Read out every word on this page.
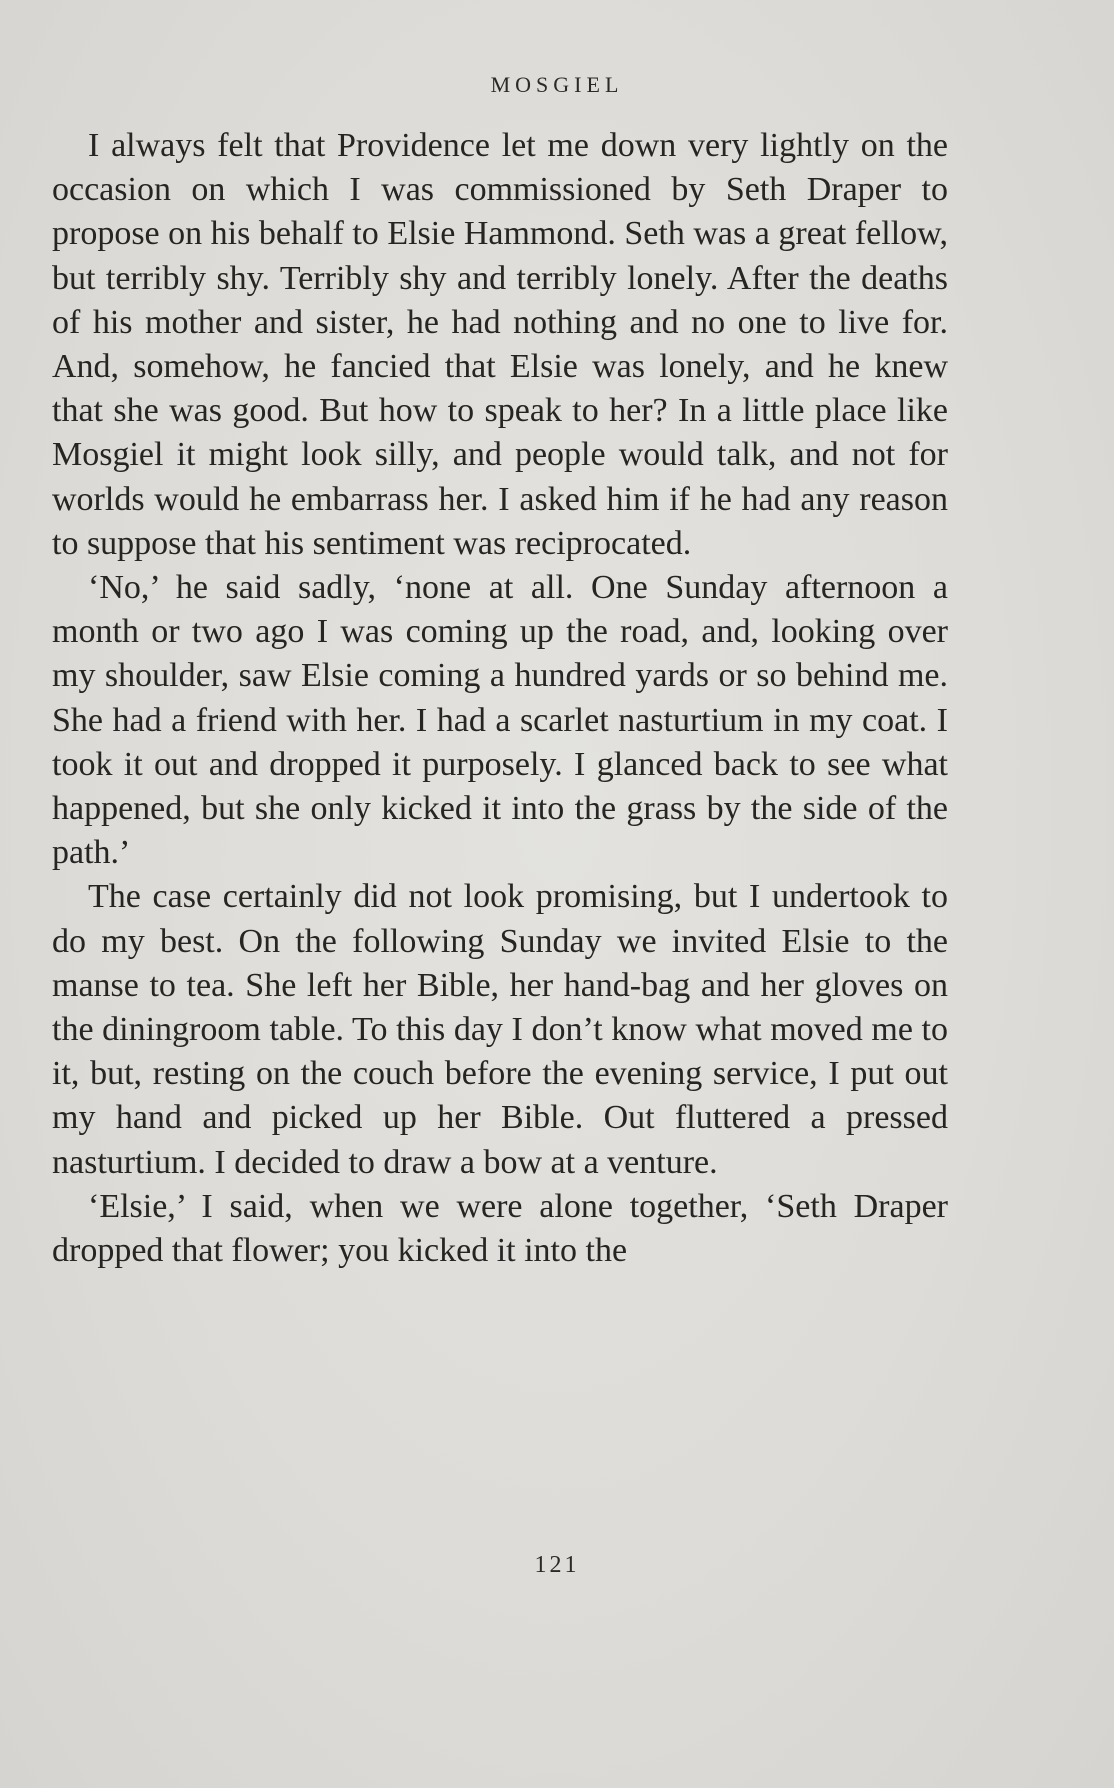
MOSGIEL

I always felt that Providence let me down very lightly on the occasion on which I was commissioned by Seth Draper to propose on his behalf to Elsie Hammond. Seth was a great fellow, but terribly shy. Terribly shy and terribly lonely. After the deaths of his mother and sister, he had nothing and no one to live for. And, somehow, he fancied that Elsie was lonely, and he knew that she was good. But how to speak to her? In a little place like Mosgiel it might look silly, and people would talk, and not for worlds would he embarrass her. I asked him if he had any reason to suppose that his sentiment was reciprocated.

‘No,’ he said sadly, ‘none at all. One Sunday afternoon a month or two ago I was coming up the road, and, looking over my shoulder, saw Elsie coming a hundred yards or so behind me. She had a friend with her. I had a scarlet nasturtium in my coat. I took it out and dropped it purposely. I glanced back to see what happened, but she only kicked it into the grass by the side of the path.’

The case certainly did not look promising, but I undertook to do my best. On the following Sunday we invited Elsie to the manse to tea. She left her Bible, her hand-bag and her gloves on the diningroom table. To this day I don’t know what moved me to it, but, resting on the couch before the evening service, I put out my hand and picked up her Bible. Out fluttered a pressed nasturtium. I decided to draw a bow at a venture.

‘Elsie,’ I said, when we were alone together, ‘Seth Draper dropped that flower; you kicked it into the

121
